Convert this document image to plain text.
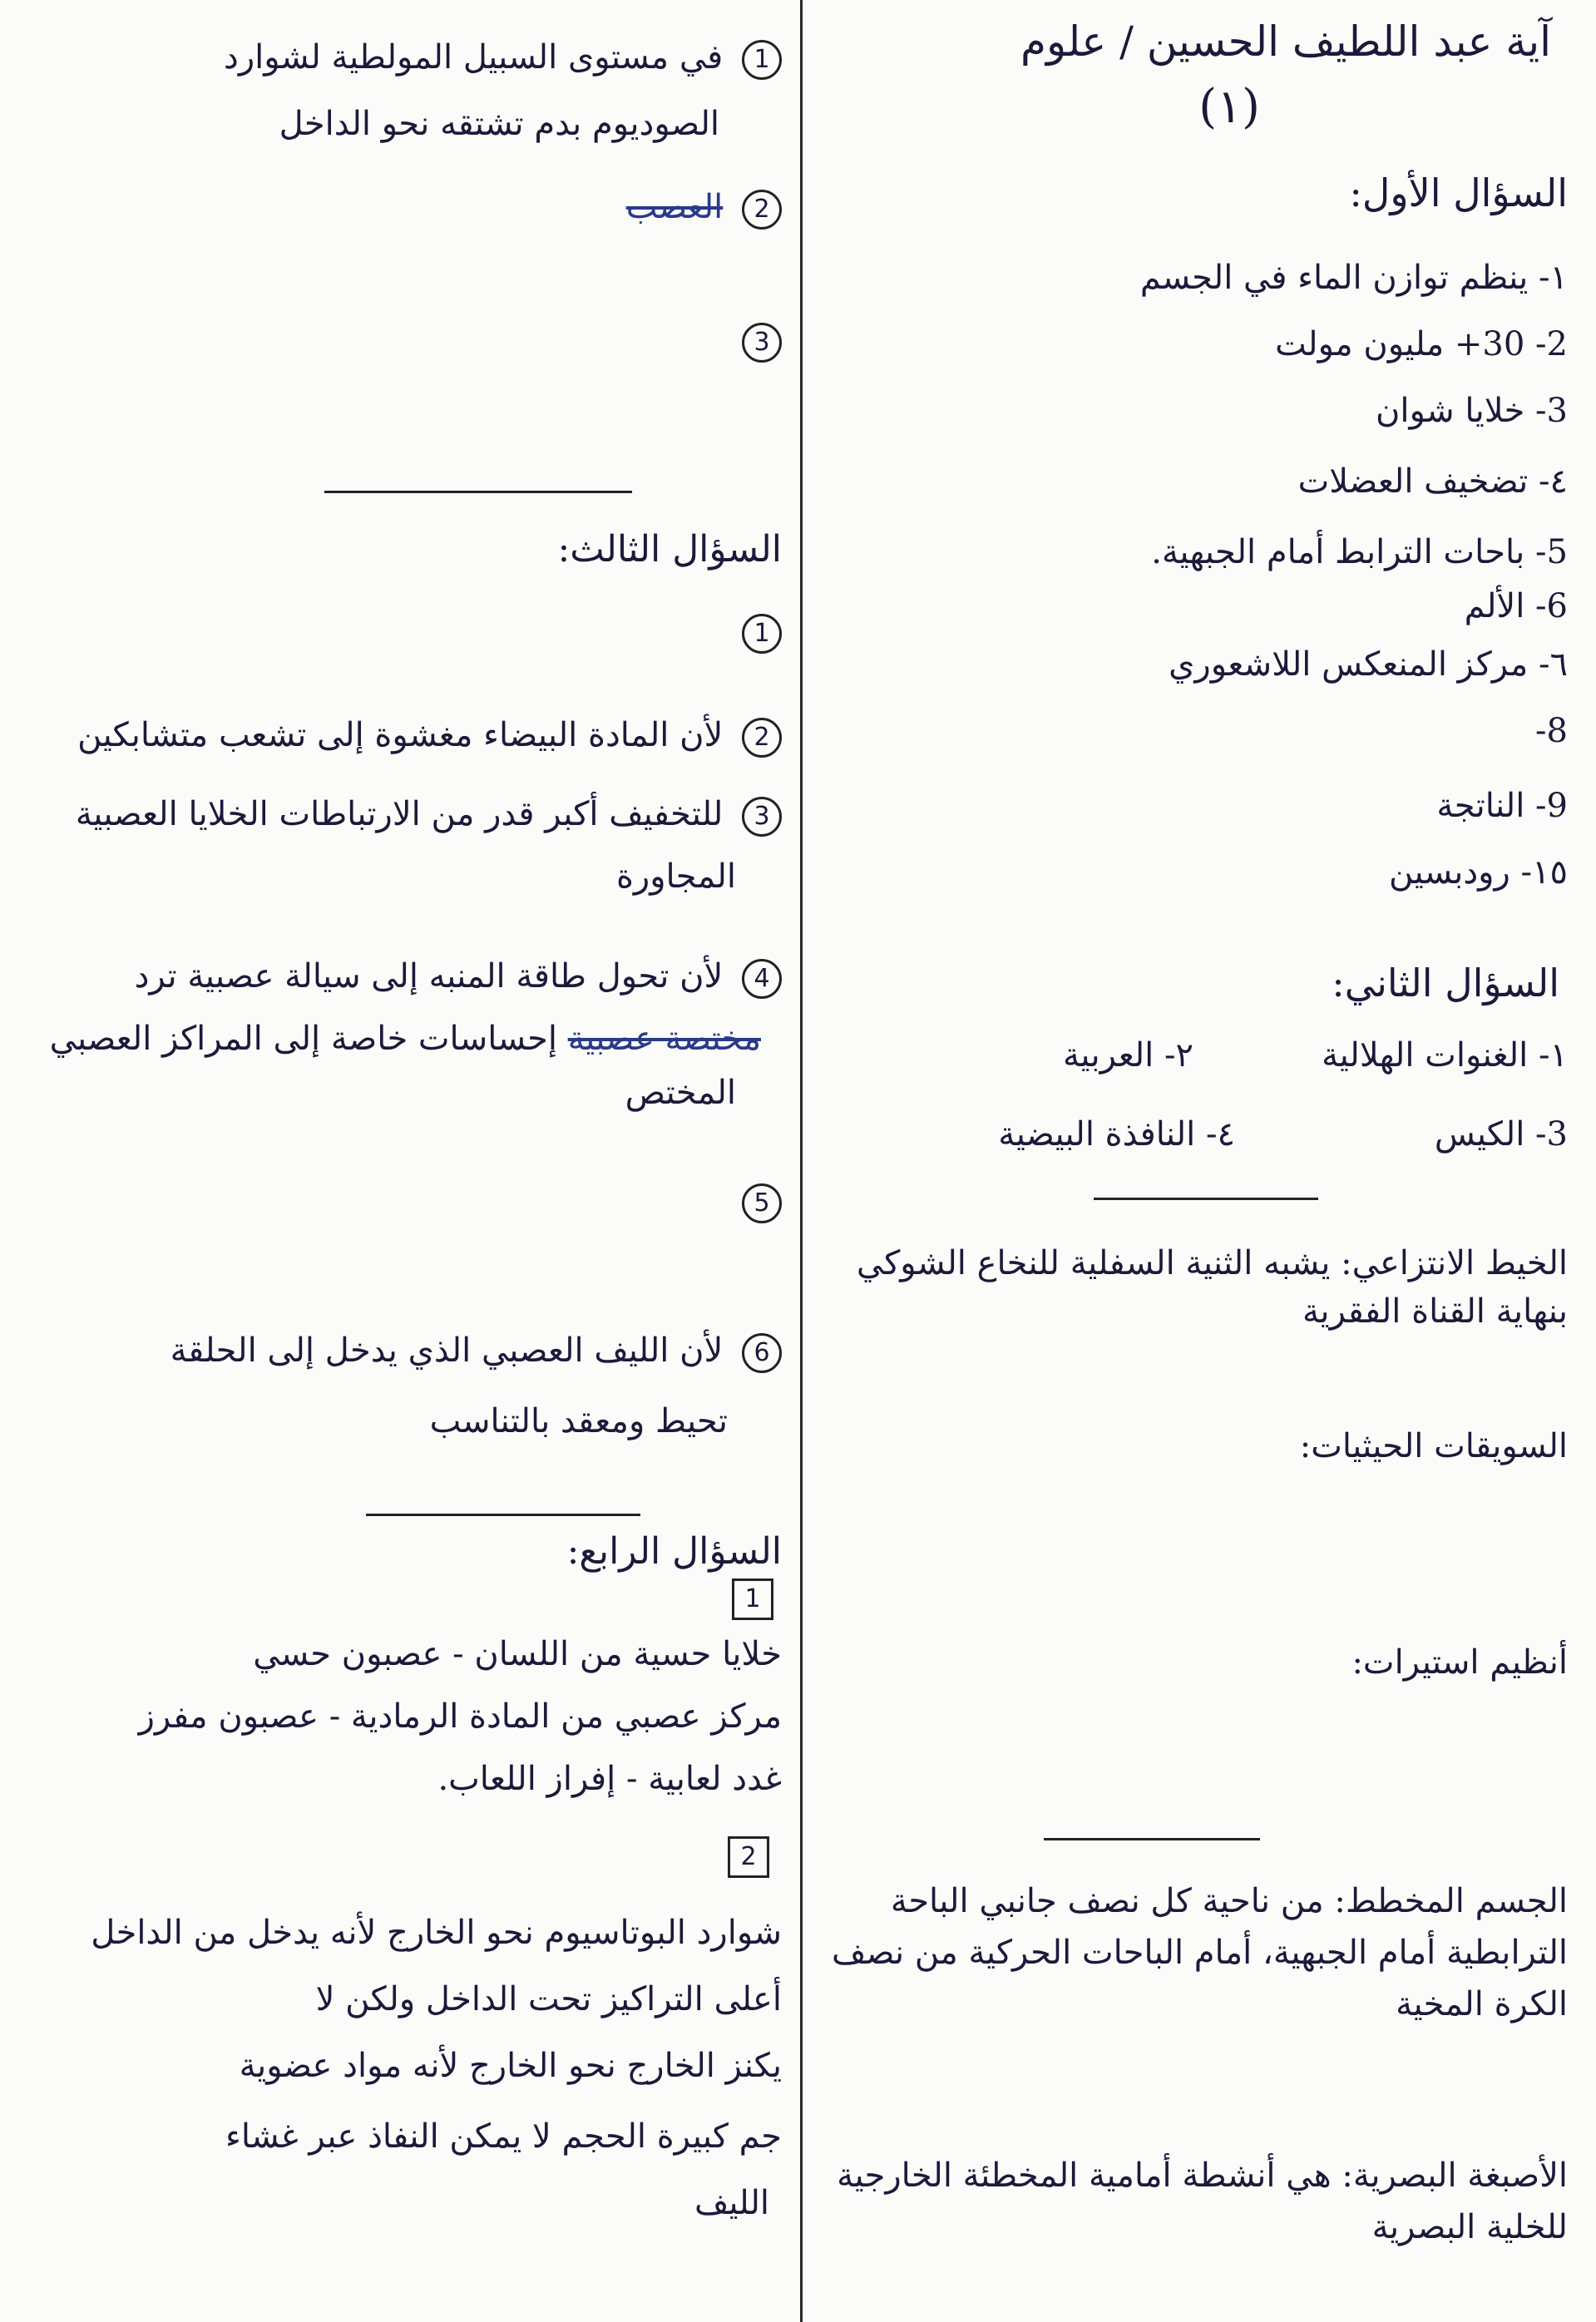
آية عبد اللطيف الحسين / علوم
(١)
السؤال الأول:
١- ينظم توازن الماء في الجسم
2- 30+ مليون مولت
3- خلايا شوان
٤- تضخيف العضلات
5- باحات الترابط أمام الجبهية.
6- الألم
٦- مركز المنعكس اللاشعوري
8-
9- الناتجة
١٥- رودبسين
السؤال الثاني:
١- الغنوات الهلالية
٢- العربية
3- الكيس
٤- النافذة البيضية
الخيط الانتزاعي: يشبه الثنية السفلية للنخاع الشوكي بنهاية القناة الفقرية
السويقات الحيثيات:
أنظيم استيرات:
الجسم المخطط: من ناحية كل نصف جانبي الباحة الترابطية أمام الجبهية، أمام الباحات الحركية من نصف الكرة المخية
الأصبغة البصرية: هي أنشطة أمامية المخطئة الخارجية للخلية البصرية
1 في مستوى السبيل المولطية لشوارد
الصوديوم بدم تشتقه نحو الداخل
2 العصب
3
السؤال الثالث:
1
2 لأن المادة البيضاء مغشوة إلى تشعب متشابكين
3 للتخفيف أكبر قدر من الارتباطات الخلايا العصبية
المجاورة
4 لأن تحول طاقة المنبه إلى سيالة عصبية ترد
مختصة عصبية إحساسات خاصة إلى المراكز العصبي
المختص
5
6 لأن الليف العصبي الذي يدخل إلى الحلقة
تحيط ومعقد بالتناسب
السؤال الرابع:
1
خلايا حسية من اللسان - عصبون حسي
مركز عصبي من المادة الرمادية - عصبون مفرز
غدد لعابية - إفراز اللعاب.
2
شوارد البوتاسيوم نحو الخارج لأنه يدخل من الداخل
أعلى التراكيز تحت الداخل ولكن لا
يكنز الخارج نحو الخارج لأنه مواد عضوية
جم كبيرة الحجم لا يمكن النفاذ عبر غشاء
الليف
